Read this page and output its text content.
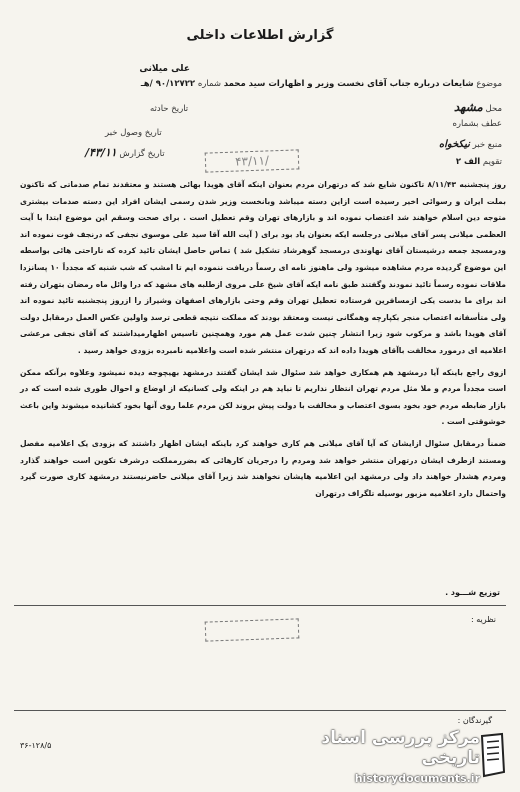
گزارش اطلاعات داخلی
علی میلانی
موضوع شایعات درباره جناب آقای نخست وزیر و اظهارات سید محمد شماره ۹۰/۱۲۷۲۲ /هـ
تاریخ حادثه
تاریخ وصول خبر
تاریخ گزارش ۴۳/۱۱/
محل مشهد
عطف بشماره
منبع خبر نیکخواه
تقویم الف ۲
۴۳/۱۱/

روز پنجشنبه ۸/۱۱/۴۳ تاکنون شایع شد که درتهران مردم بعنوان اینکه آقای هویدا بهائی هستند و معتقدند تمام صدماتی که تاکنون بملت ایران و رسوائی اخیر رسیده است ازاین دسته میباشد وبانخست وزیر شدن رسمی ایشان افراد این دسته صدمات بیشتری متوجه دین اسلام خواهند شد اعتصاب نموده اند و بازارهای تهران وقم تعطیل است . برای صحت وسقم این موضوع ابتدا با آیت العظمی میلانی پسر آقای میلانی درجلسه ایکه بعنوان یاد بود برای ( آیت الله آقا سید علی موسوی نجفی که درنجف فوت نموده اند ودرمسجد جمعه درشیستان آقای نهاوندی درمسجد گوهرشاد تشکیل شد ) تماس حاصل ایشان تائید کرده که ناراحتی هائی بواسطه این موضوع گردیده مردم مشاهده میشود ولی ماهنوز نامه ای رسماً دریافت ننموده ایم تا امشب که شب شنبه که مجدداً ۱۰ پسانزدا ملاقات نموده رسماً تائید نمودند وگفتند طبق نامه ایکه آقای شیخ علی مروی ازطلبه های مشهد که درا وائل ماه رمضان بتهران رفته اند برای ما بدست یکی ازمسافرین فرستاده تعطیل تهران وقم وحتی بازارهای اصفهان وشیراز را ازروز پنجشنبه تائید نموده اند ولی متأسفانه اعتصاب منجر بکپارچه وهمگانی نیست ومعتقد بودند که مملکت نتیجه قطعی ترسد واولین عکس العمل درمقابل دولت آقای هویدا باشد و مرکوب شود زیرا انتشار چنین شدت عمل هم مورد وهمچنین تاسیس اظهارمیداشتند که آقای نجفی مرعشی اعلامیه ای درمورد مخالفت باآقای هویدا داده اند که درتهران منتشر شده است واعلامیه نامبرده بزودی خواهد رسید .

ازوی راجع باینکه آیا درمشهد هم همکاری خواهد شد سئوال شد ایشان گفتند درمشهد بهیچوجه دیده نمیشود وعلاوه برآنکه ممکن است مجدداً مردم و ملا مثل مردم تهران انتظار نداریم تا نباید هم در اینکه ولی کسانیکه از اوضاع و احوال طوری شده است که در بازار ضابطه مردم خود بخود بسوی اعتصاب و مخالفت با دولت پیش بروند لکن مردم علما روی آنها بخود کشانیده میشوند واین باعث خوشوقتی است .

ضمناً درمقابل سئوال ازایشان که آیا آقای میلانی هم کاری خواهند کرد باینکه ایشان اظهار داشتند که بزودی یک اعلامیه مفصل ومستند ازطرف ایشان درتهران منتشر خواهد شد ومردم را درجریان کارهائی که بضررمملکت درشرف تکوین است خواهند گذارد ومردم هشدار خواهند داد ولی درمشهد این اعلامیه هایشان نخواهند شد زیرا آقای میلانی حاضرنیستند درمشهد کاری صورت گیرد واحتمال دارد اعلامیه مزبور بوسیله تلگراف درتهران

توزیع شـــود .
نظریه :
گیرندگان :
۳۶-۱۲۸/۵	مرکز بررسی اسناد تاریخی
historydocuments.ir
